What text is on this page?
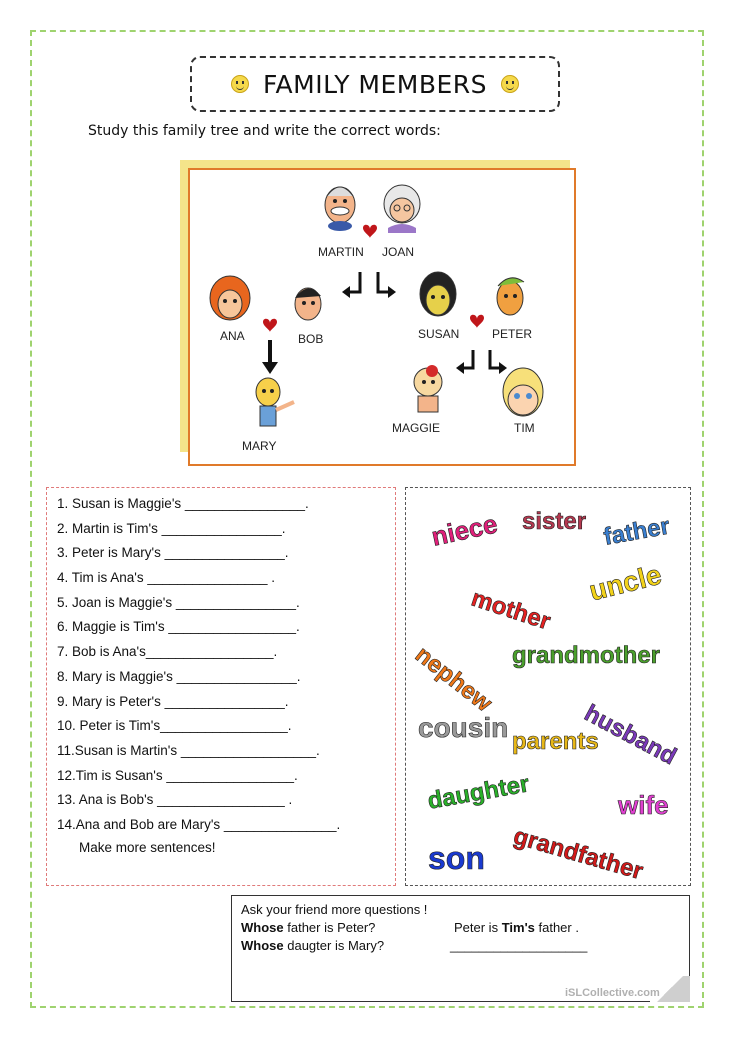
FAMILY MEMBERS
Study this family tree and write the correct words:
MARTIN JOAN
ANA	BOB	SUSAN	PETER
MARY
MAGGIE	TIM
1. Susan is Maggie's ________________.
2. Martin is Tim's ________________.
3. Peter is Mary's ________________.
4. Tim is Ana's ________________ .
5. Joan is Maggie's ________________.
6. Maggie is Tim's _________________.
7. Bob is Ana's_________________.
8. Mary is Maggie's ________________.
9. Mary is Peter's ________________.
10. Peter is Tim's_________________.
11.Susan is Martin's __________________.
12.Tim is Susan's _________________.
13. Ana is Bob's _________________ .
14.Ana and Bob are Mary's _______________.
Make more sentences!
niece sister father
mother
uncle
nephew grandmother
husband
cousin parents
daughter	wife
grandfather
son
Ask your friend more questions !
Whose father is Peter?	Peter is Tim's father .
Whose daugter is Mary?	___________________
iSLCollective.com
